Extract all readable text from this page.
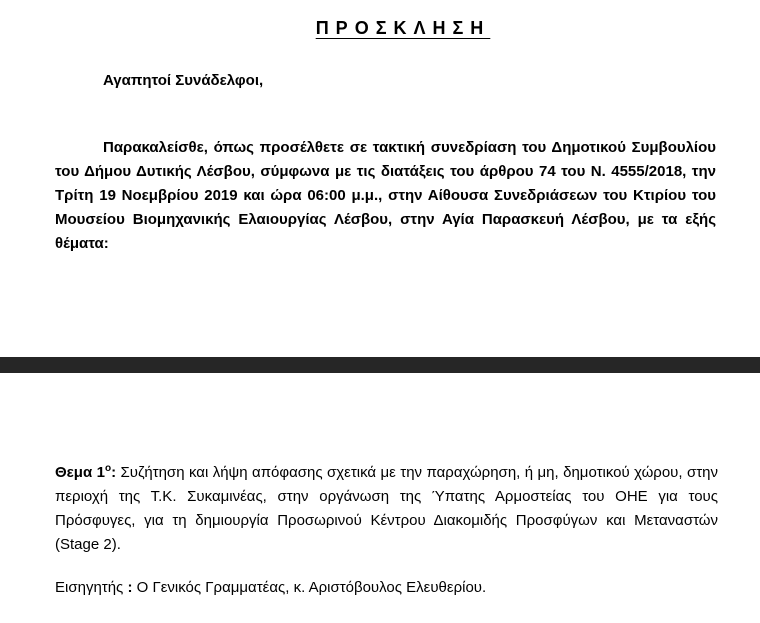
ΠΡΟΣΚΛΗΣΗ
Αγαπητοί Συνάδελφοι,

Παρακαλείσθε, όπως προσέλθετε σε τακτική συνεδρίαση του Δημοτικού Συμβουλίου του Δήμου Δυτικής Λέσβου, σύμφωνα με τις διατάξεις του άρθρου 74 του Ν. 4555/2018, την Τρίτη 19 Νοεμβρίου 2019 και ώρα 06:00 μ.μ., στην Αίθουσα Συνεδριάσεων του Κτιρίου του Μουσείου Βιομηχανικής Ελαιουργίας Λέσβου, στην Αγία Παρασκευή Λέσβου, με τα εξής θέματα:

Θεμα $1^o$: Συζήτηση και λήψη απόφασης σχετικά με την παραχώρηση, ή μη, δημοτικού χώρου, στην περιοχή της Τ.Κ. Συκαμινέας, στην οργάνωση της Ύπατης Αρμοστείας του ΟΗΕ για τους Πρόσφυγες, για τη δημιουργία Προσωρινού Κέντρου Διακομιδής Προσφύγων και Μεταναστών (Stage 2).

Εισηγητής : Ο Γενικός Γραμματέας, κ. Αριστόβουλος Ελευθερίου.
